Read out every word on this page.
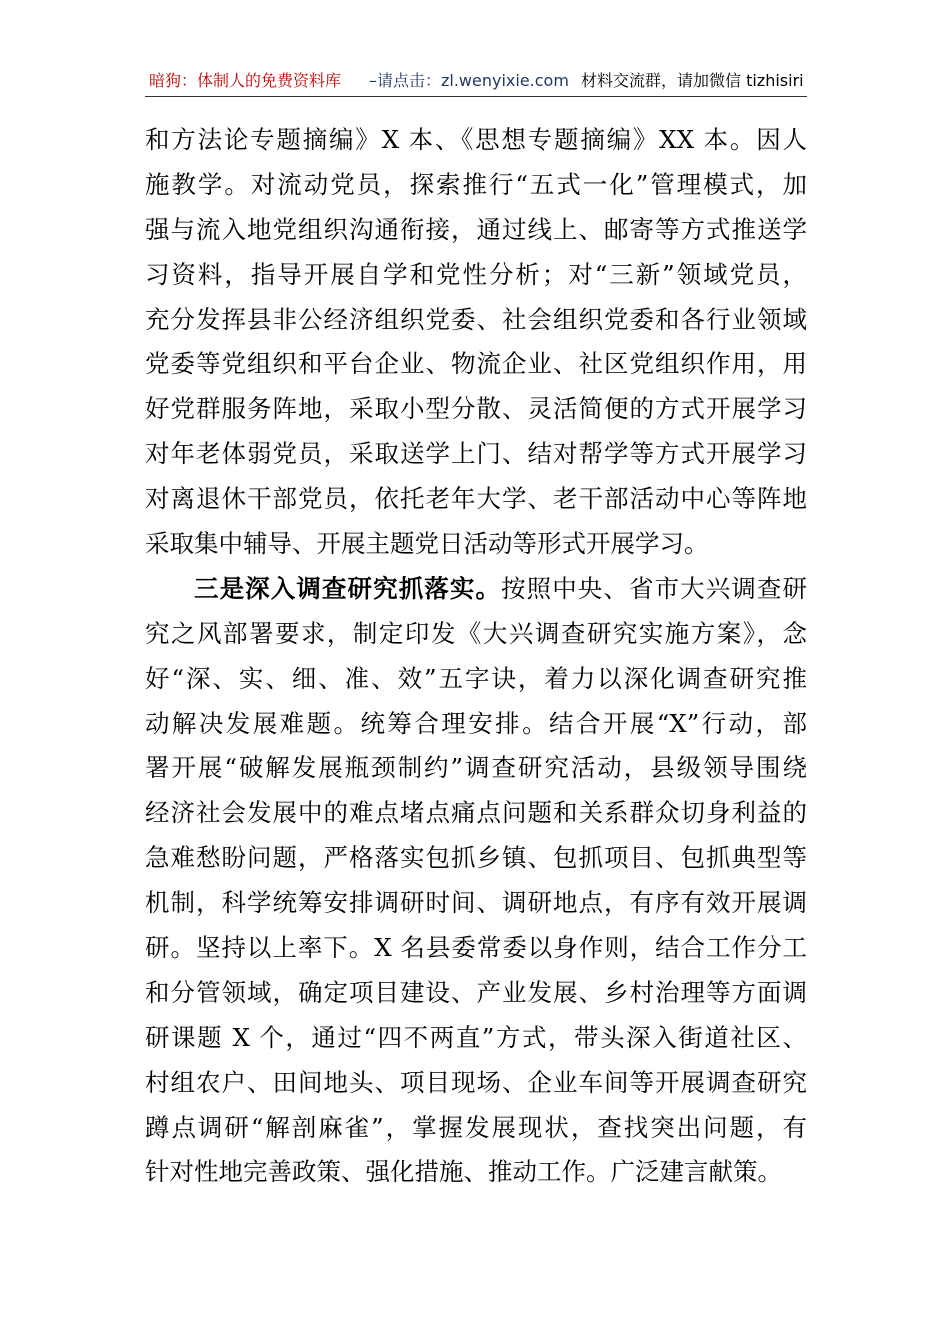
暗狗：体制人的免费资料库 –请点击：zl.wenyixie.com 材料交流群，请加微信 tizhisiri
和方法论专题摘编》X 本、《思想专题摘编》XX 本。因人
施教学。对流动党员，探索推行“五式一化”管理模式，加
强与流入地党组织沟通衔接，通过线上、邮寄等方式推送学
习资料，指导开展自学和党性分析；对“三新”领域党员，
充分发挥县非公经济组织党委、社会组织党委和各行业领域
党委等党组织和平台企业、物流企业、社区党组织作用，用
好党群服务阵地，采取小型分散、灵活简便的方式开展学习
对年老体弱党员，采取送学上门、结对帮学等方式开展学习
对离退休干部党员，依托老年大学、老干部活动中心等阵地
采取集中辅导、开展主题党日活动等形式开展学习。
三是深入调查研究抓落实。按照中央、省市大兴调查研
究之风部署要求，制定印发《大兴调查研究实施方案》，念
好“深、实、细、准、效”五字诀，着力以深化调查研究推
动解决发展难题。统筹合理安排。结合开展“X”行动，部
署开展“破解发展瓶颈制约”调查研究活动，县级领导围绕
经济社会发展中的难点堵点痛点问题和关系群众切身利益的
急难愁盼问题，严格落实包抓乡镇、包抓项目、包抓典型等
机制，科学统筹安排调研时间、调研地点，有序有效开展调
研。坚持以上率下。X 名县委常委以身作则，结合工作分工
和分管领域，确定项目建设、产业发展、乡村治理等方面调
研课题 X 个，通过“四不两直”方式，带头深入街道社区、
村组农户、田间地头、项目现场、企业车间等开展调查研究
蹲点调研“解剖麻雀”，掌握发展现状，查找突出问题，有
针对性地完善政策、强化措施、推动工作。广泛建言献策。
